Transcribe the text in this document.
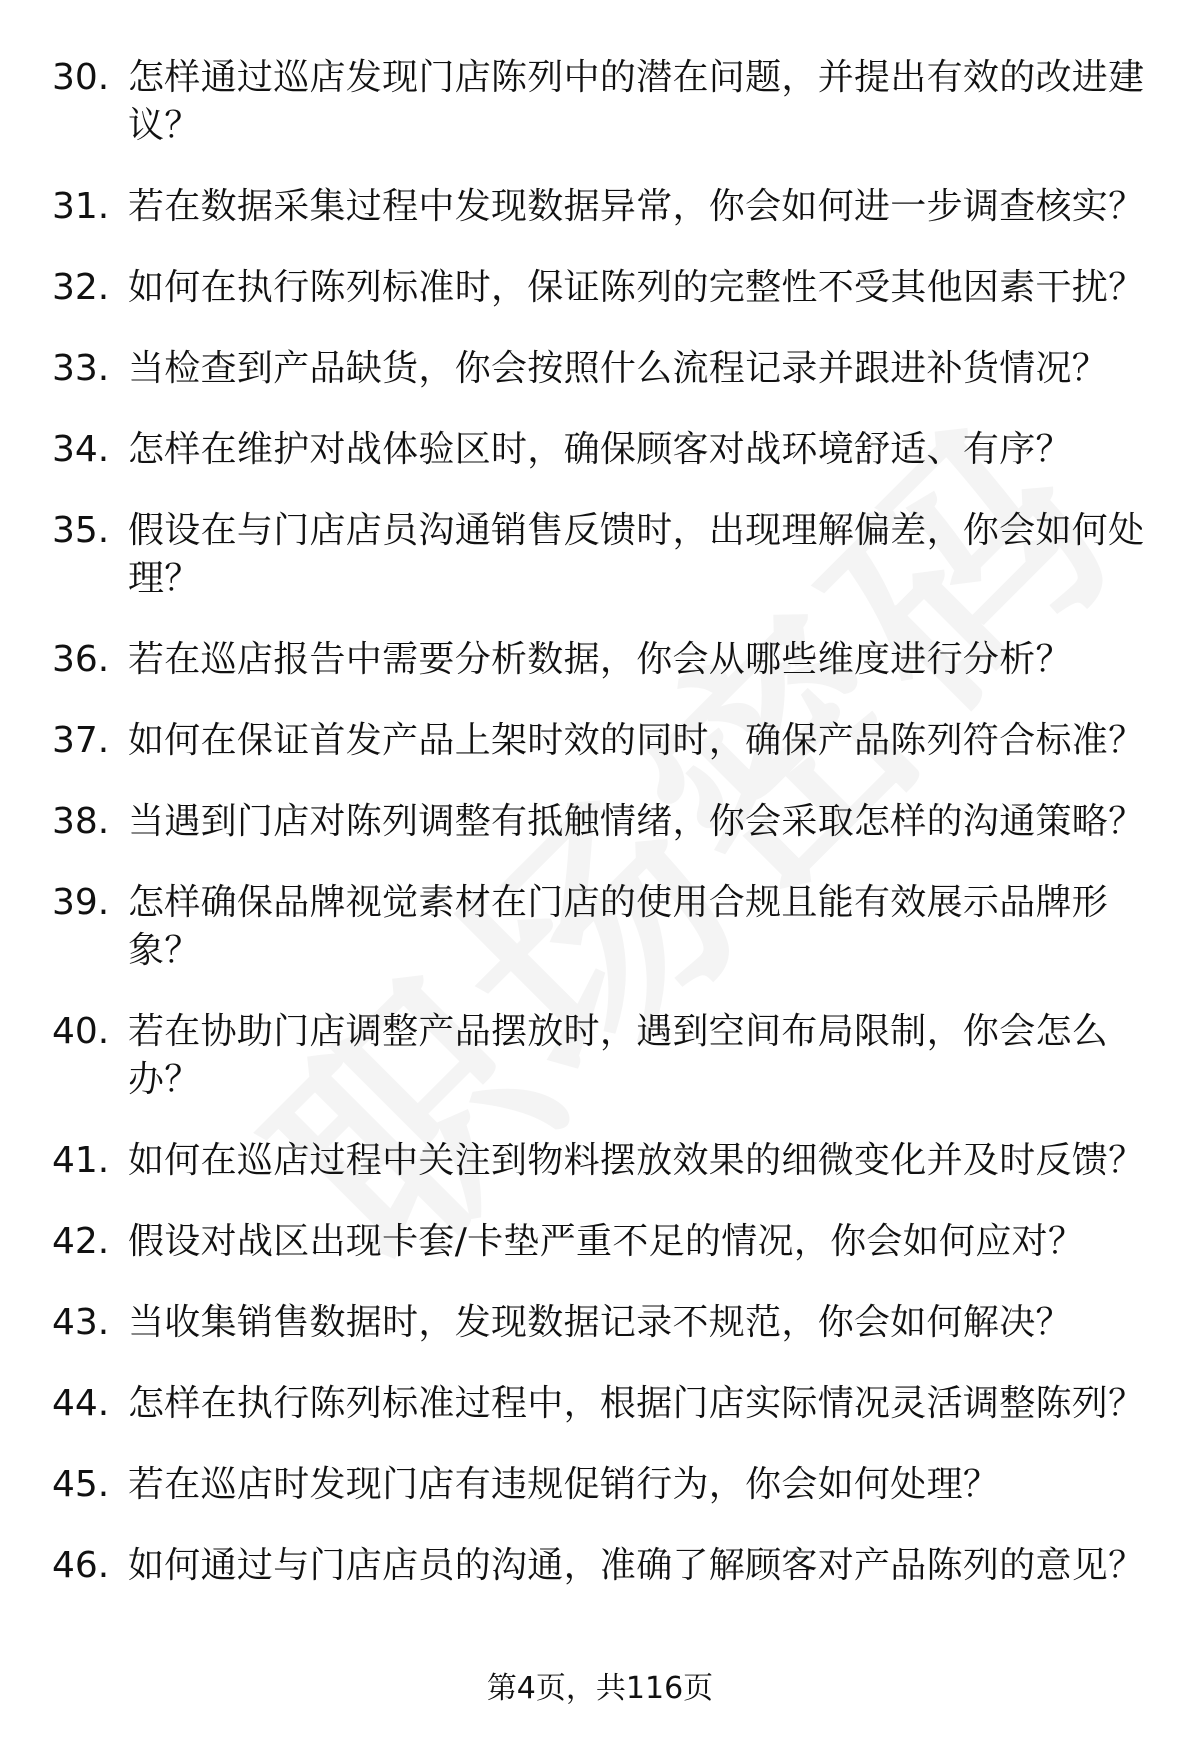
30. 怎样通过巡店发现门店陈列中的潜在问题，并提出有效的改进建议？
31. 若在数据采集过程中发现数据异常，你会如何进一步调查核实？
32. 如何在执行陈列标准时，保证陈列的完整性不受其他因素干扰？
33. 当检查到产品缺货，你会按照什么流程记录并跟进补货情况？
34. 怎样在维护对战体验区时，确保顾客对战环境舒适、有序？
35. 假设在与门店店员沟通销售反馈时，出现理解偏差，你会如何处理？
36. 若在巡店报告中需要分析数据，你会从哪些维度进行分析？
37. 如何在保证首发产品上架时效的同时，确保产品陈列符合标准？
38. 当遇到门店对陈列调整有抵触情绪，你会采取怎样的沟通策略？
39. 怎样确保品牌视觉素材在门店的使用合规且能有效展示品牌形象？
40. 若在协助门店调整产品摆放时，遇到空间布局限制，你会怎么办？
41. 如何在巡店过程中关注到物料摆放效果的细微变化并及时反馈？
42. 假设对战区出现卡套/卡垫严重不足的情况，你会如何应对？
43. 当收集销售数据时，发现数据记录不规范，你会如何解决？
44. 怎样在执行陈列标准过程中，根据门店实际情况灵活调整陈列？
45. 若在巡店时发现门店有违规促销行为，你会如何处理？
46. 如何通过与门店店员的沟通，准确了解顾客对产品陈列的意见？
第4页，共116页
